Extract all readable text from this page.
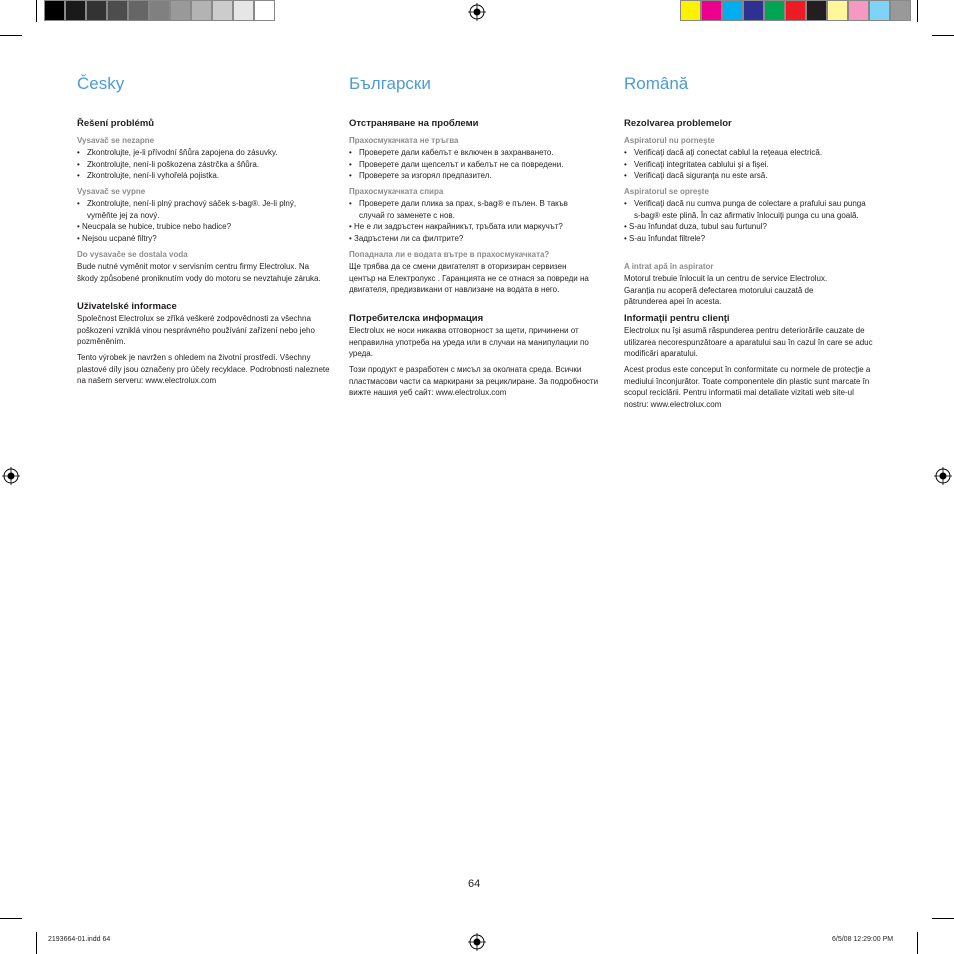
Česky
Řešení problémů
Vysavač se nezapne
• Zkontrolujte, je-li přívodní šňůra zapojena do zásuvky.
• Zkontrolujte, není-li poškozena zástrčka a šňůra.
• Zkontrolujte, není-li vyhořelá pojistka.
Vysavač se vypne
• Zkontrolujte, není-li plný prachový sáček s-bag®. Je-li plný, vyměňte jej za nový.
• Neucpala se hubice, trubice nebo hadice?
• Nejsou ucpané filtry?
Do vysavače se dostala voda

Bude nutné vyměnit motor v servisním centru firmy Electrolux. Na škody způsobené proniknutím vody do motoru se nevztahuje záruka.

Uživatelské informace

Společnost Electrolux se zříká veškeré zodpovědnosti za všechna poškození vzniklá vinou nesprávného používání zařízení nebo jeho pozměněním.

Tento výrobek je navržen s ohledem na životní prostředí. Všechny plastové díly jsou označeny pro účely recyklace. Podrobnosti naleznete na našem serveru: www.electrolux.com

Български
Отстраняване на проблеми
Прахосмукачката не тръгва
• Проверете дали кабелът е включен в захранването.
• Проверете дали щепселът и кабелът не са повредени.
• Проверете за изгорял предпазител.
Прахосмукачката спира
• Проверете дали плика за прах, s-bag® е пълен. В такъв случай го заменете с нов.
• Не е ли задръстен накрайникът, тръбата или маркучът?
• Задръстени ли са филтрите?
Попаднала ли е водата вътре в прахосмукачката?

Ще трябва да се смени двигателят в оторизиран сервизен център на Електролукс . Гаранцията не се отнася за повреди на двигателя, предизвикани от навлизане на водата в него.

Потребителска информация

Electrolux не носи никаква отговорност за щети, причинени от неправилна употреба на уреда или в случаи на манипулации по уреда.

Този продукт е разработен с мисъл за околната среда. Всички пластмасови части са маркирани за рециклиране. За подробности вижте нашия уеб сайт: www.electrolux.com

Română
Rezolvarea problemelor
Aspiratorul nu porneşte
• Verificaţi dacă aţi conectat cablul la reţeaua electrică.
• Verificaţi integritatea cablului şi a fişei.
• Verificaţi dacă siguranţa nu este arsă.
Aspiratorul se opreşte
• Verificaţi dacă nu cumva punga de colectare a prafului sau punga s-bag® este plină. În caz afirmativ înlocuiţi punga cu una goală.
• S-au înfundat duza, tubul sau furtunul?
• S-au înfundat filtrele?
A intrat apă în aspirator

Motorul trebuie înlocuit la un centru de service Electrolux. Garanţia nu acoperă defectarea motorului cauzată de pătrunderea apei în acesta.

Informaţii pentru clienţi

Electrolux nu îşi asumă răspunderea pentru deteriorările cauzate de utilizarea necorespunzătoare a aparatului sau în cazul în care se aduc modificări aparatului.

Acest produs este conceput în conformitate cu normele de protecţie a mediului înconjurător. Toate componentele din plastic sunt marcate în scopul reciclării. Pentru informatii mai detaliate vizitati web site-ul nostru: www.electrolux.com

64
2193664-01.indd 64	6/5/08 12:29:00 PM
